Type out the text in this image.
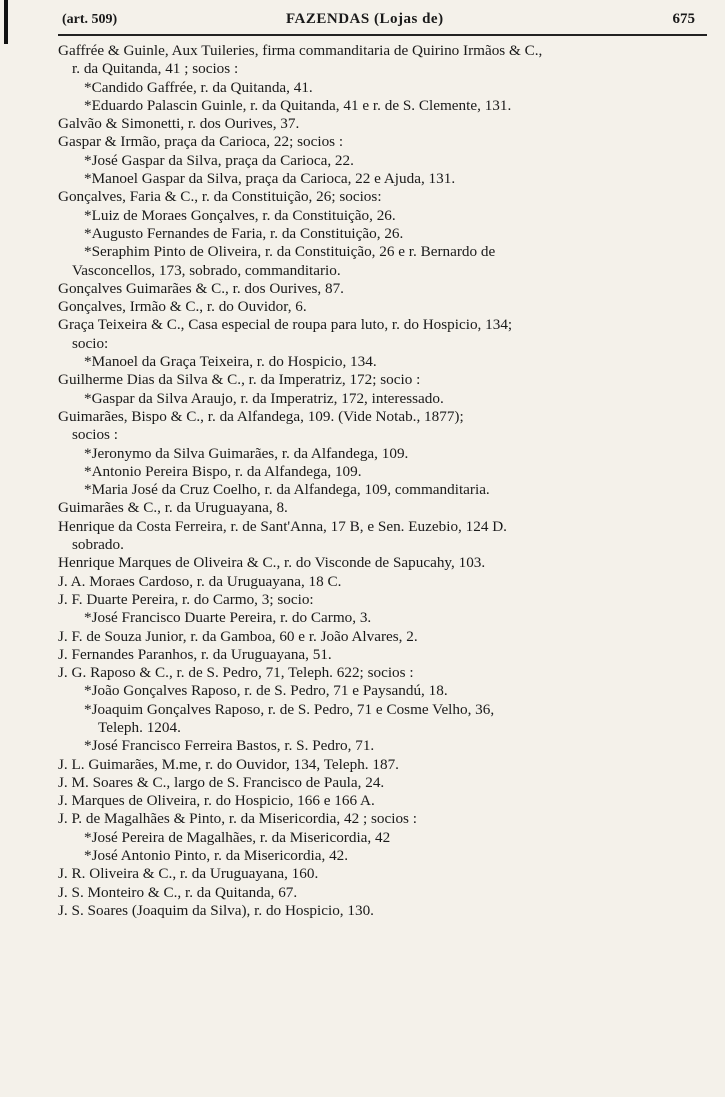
(art. 509)	FAZENDAS (Lojas de)	675
Gaffrée & Guinle, Aux Tuileries, firma commanditaria de Quirino Irmãos & C.,
r. da Quitanda, 41 ; socios :
*Candido Gaffrée, r. da Quitanda, 41.
*Eduardo Palascin Guinle, r. da Quitanda, 41 e r. de S. Clemente, 131.
Galvão & Simonetti, r. dos Ourives, 37.
Gaspar & Irmão, praça da Carioca, 22; socios :
*José Gaspar da Silva, praça da Carioca, 22.
*Manoel Gaspar da Silva, praça da Carioca, 22 e Ajuda, 131.
Gonçalves, Faria & C., r. da Constituição, 26; socios:
*Luiz de Moraes Gonçalves, r. da Constituição, 26.
*Augusto Fernandes de Faria, r. da Constituição, 26.
*Seraphim Pinto de Oliveira, r. da Constituição, 26 e r. Bernardo de
Vasconcellos, 173, sobrado, commanditario.
Gonçalves Guimarães & C., r. dos Ourives, 87.
Gonçalves, Irmão & C., r. do Ouvidor, 6.
Graça Teixeira & C., Casa especial de roupa para luto, r. do Hospicio, 134;
socio:
*Manoel da Graça Teixeira, r. do Hospicio, 134.
Guilherme Dias da Silva & C., r. da Imperatriz, 172; socio :
*Gaspar da Silva Araujo, r. da Imperatriz, 172, interessado.
Guimarães, Bispo & C., r. da Alfandega, 109. (Vide Notab., 1877);
socios :
*Jeronymo da Silva Guimarães, r. da Alfandega, 109.
*Antonio Pereira Bispo, r. da Alfandega, 109.
*Maria José da Cruz Coelho, r. da Alfandega, 109, commanditaria.
Guimarães & C., r. da Uruguayana, 8.
Henrique da Costa Ferreira, r. de Sant'Anna, 17 B, e Sen. Euzebio, 124 D.
sobrado.
Henrique Marques de Oliveira & C., r. do Visconde de Sapucahy, 103.
J. A. Moraes Cardoso, r. da Uruguayana, 18 C.
J. F. Duarte Pereira, r. do Carmo, 3; socio:
*José Francisco Duarte Pereira, r. do Carmo, 3.
J. F. de Souza Junior, r. da Gamboa, 60 e r. João Alvares, 2.
J. Fernandes Paranhos, r. da Uruguayana, 51.
J. G. Raposo & C., r. de S. Pedro, 71, Teleph. 622; socios :
*João Gonçalves Raposo, r. de S. Pedro, 71 e Paysandú, 18.
*Joaquim Gonçalves Raposo, r. de S. Pedro, 71 e Cosme Velho, 36,
Teleph. 1204.
*José Francisco Ferreira Bastos, r. S. Pedro, 71.
J. L. Guimarães, M.me, r. do Ouvidor, 134, Teleph. 187.
J. M. Soares & C., largo de S. Francisco de Paula, 24.
J. Marques de Oliveira, r. do Hospicio, 166 e 166 A.
J. P. de Magalhães & Pinto, r. da Misericordia, 42 ; socios :
*José Pereira de Magalhães, r. da Misericordia, 42
*José Antonio Pinto, r. da Misericordia, 42.
J. R. Oliveira & C., r. da Uruguayana, 160.
J. S. Monteiro & C., r. da Quitanda, 67.
J. S. Soares (Joaquim da Silva), r. do Hospicio, 130.
